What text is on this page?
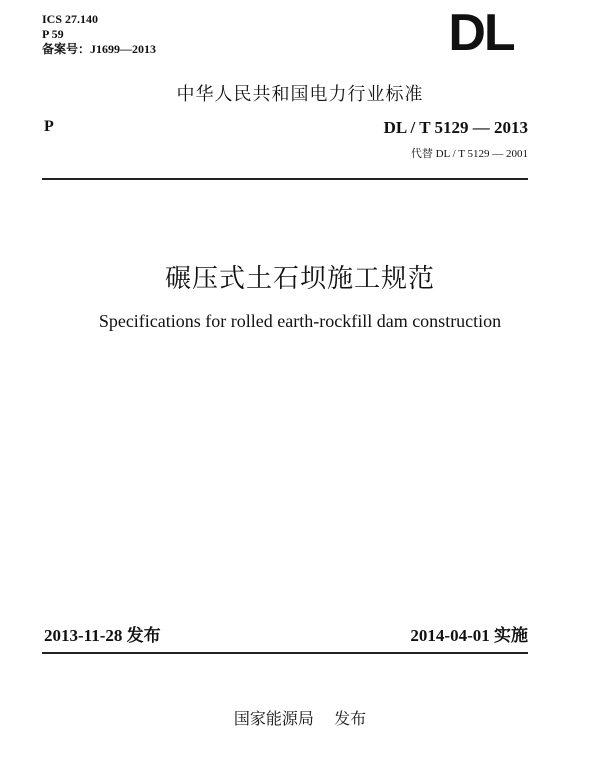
ICS 27.140
P 59
备案号：J1699—2013	DL
中华人民共和国电力行业标准
P	DL / T 5129 — 2013
代替 DL / T 5129 — 2001
碾压式土石坝施工规范
Specifications for rolled earth-rockfill dam construction
2013-11-28 发布	2014-04-01 实施
国家能源局    发布
